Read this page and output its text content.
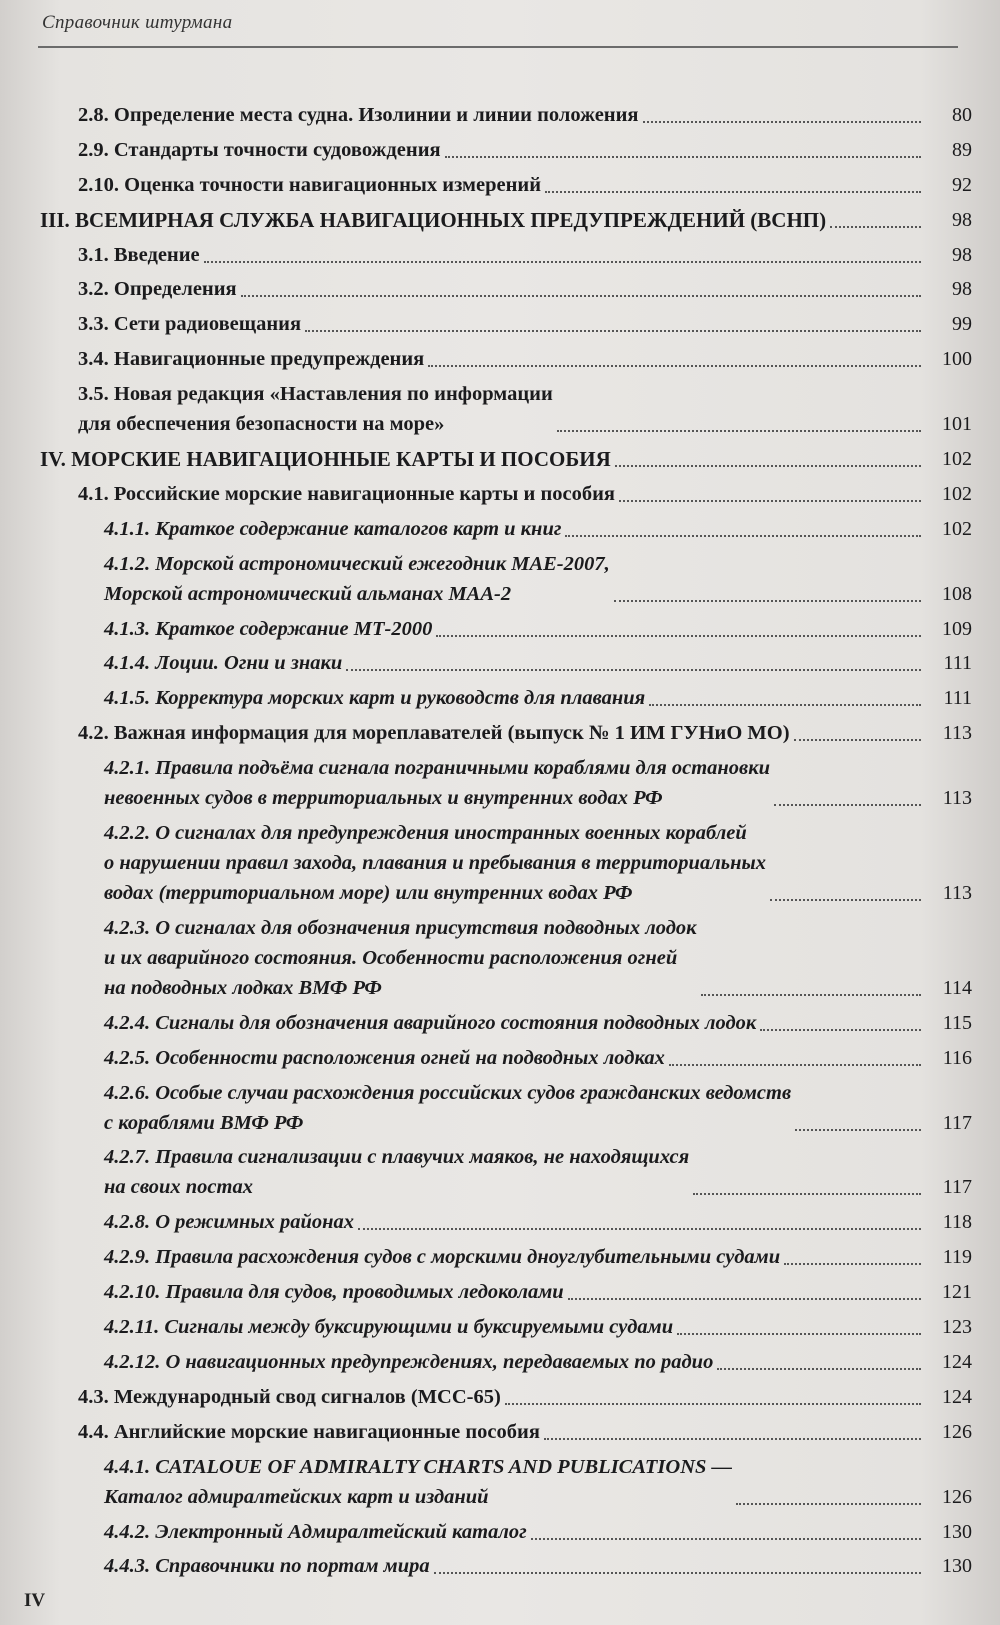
Справочник штурмана
2.8. Определение места судна. Изолинии и линии положения	80
2.9. Стандарты точности судовождения	89
2.10. Оценка точности навигационных измерений	92
III. ВСЕМИРНАЯ СЛУЖБА НАВИГАЦИОННЫХ ПРЕДУПРЕЖДЕНИЙ (ВСНП)	98
3.1. Введение	98
3.2. Определения	98
3.3. Сети радиовещания	99
3.4. Навигационные предупреждения	100
3.5. Новая редакция «Наставления по информации
для обеспечения безопасности на море»	101
IV. МОРСКИЕ НАВИГАЦИОННЫЕ КАРТЫ И ПОСОБИЯ	102
4.1. Российские морские навигационные карты и пособия	102
4.1.1. Краткое содержание каталогов карт и книг	102
4.1.2. Морской астрономический ежегодник МАЕ-2007,
Морской астрономический альманах МАА-2	108
4.1.3. Краткое содержание МТ-2000	109
4.1.4. Лоции. Огни и знаки	111
4.1.5. Корректура морских карт и руководств для плавания	111
4.2. Важная информация для мореплавателей (выпуск № 1 ИМ ГУНиО МО)	113
4.2.1. Правила подъёма сигнала пограничными кораблями для остановки
невоенных судов в территориальных и внутренних водах РФ	113
4.2.2. О сигналах для предупреждения иностранных военных кораблей
о нарушении правил захода, плавания и пребывания в территориальных
водах (территориальном море) или внутренних водах РФ	113
4.2.3. О сигналах для обозначения присутствия подводных лодок
и их аварийного состояния. Особенности расположения огней
на подводных лодках ВМФ РФ	114
4.2.4. Сигналы для обозначения аварийного состояния подводных лодок	115
4.2.5. Особенности расположения огней на подводных лодках	116
4.2.6. Особые случаи расхождения российских судов гражданских ведомств
с кораблями ВМФ РФ	117
4.2.7. Правила сигнализации с плавучих маяков, не находящихся
на своих постах	117
4.2.8. О режимных районах	118
4.2.9. Правила расхождения судов с морскими дноуглубительными судами	119
4.2.10. Правила для судов, проводимых ледоколами	121
4.2.11. Сигналы между буксирующими и буксируемыми судами	123
4.2.12. О навигационных предупреждениях, передаваемых по радио	124
4.3. Международный свод сигналов (МСС-65)	124
4.4. Английские морские навигационные пособия	126
4.4.1. CATALOUE OF ADMIRALTY CHARTS AND PUBLICATIONS —
Каталог адмиралтейских карт и изданий	126
4.4.2. Электронный Адмиралтейский каталог	130
4.4.3. Справочники по портам мира	130
IV
